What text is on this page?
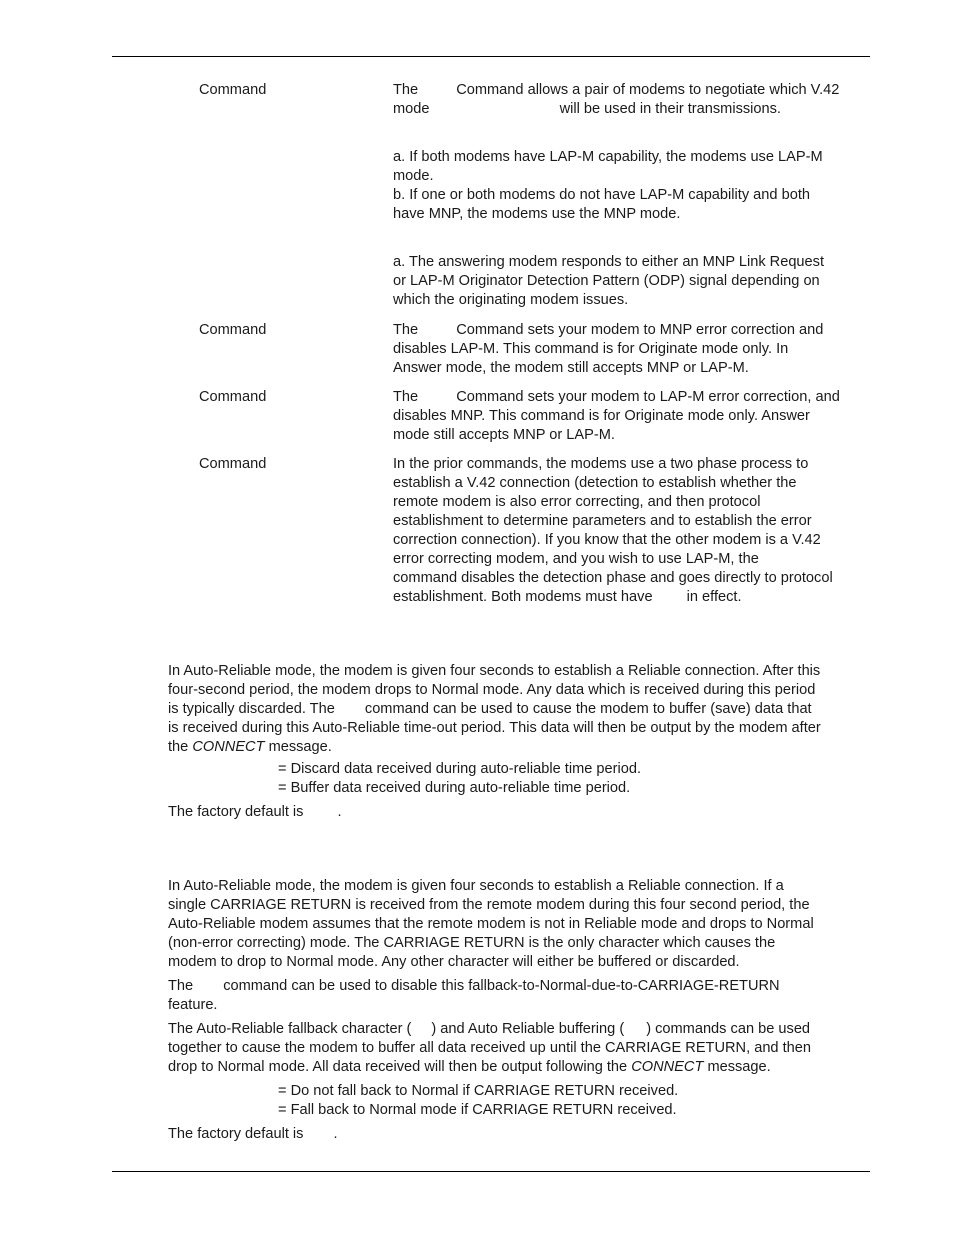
Command	The Command allows a pair of modems to negotiate which V.42
mode	will be used in their transmissions.
a. If both modems have LAP-M capability, the modems use LAP-M
mode.
b. If one or both modems do not have LAP-M capability and both
have MNP, the modems use the MNP mode.
a. The answering modem responds to either an MNP Link Request
or LAP-M Originator Detection Pattern (ODP) signal depending on
which the originating modem issues.

Command	The Command sets your modem to MNP error correction and
disables LAP-M. This command is for Originate mode only. In
Answer mode, the modem still accepts MNP or LAP-M.

Command	The Command sets your modem to LAP-M error correction, and
disables MNP. This command is for Originate mode only. Answer
mode still accepts MNP or LAP-M.

Command	In the prior commands, the modems use a two phase process to
establish a V.42 connection (detection to establish whether the
remote modem is also error correcting, and then protocol
establishment to determine parameters and to establish the error
correction connection). If you know that the other modem is a V.42
error correcting modem, and you wish to use LAP-M, the
command disables the detection phase and goes directly to protocol
establishment. Both modems must have in effect.
In Auto-Reliable mode, the modem is given four seconds to establish a Reliable connection. After this
four-second period, the modem drops to Normal mode. Any data which is received during this period
is typically discarded. The command can be used to cause the modem to buffer (save) data that
is received during this Auto-Reliable time-out period. This data will then be output by the modem after
the CONNECT message.
= Discard data received during auto-reliable time period.
= Buffer data received during auto-reliable time period.

The factory default is .

In Auto-Reliable mode, the modem is given four seconds to establish a Reliable connection. If a
single CARRIAGE RETURN is received from the remote modem during this four second period, the
Auto-Reliable modem assumes that the remote modem is not in Reliable mode and drops to Normal
(non-error correcting) mode. The CARRIAGE RETURN is the only character which causes the
modem to drop to Normal mode. Any other character will either be buffered or discarded.
The command can be used to disable this fallback-to-Normal-due-to-CARRIAGE-RETURN
feature.
The Auto-Reliable fallback character ( ) and Auto Reliable buffering ( ) commands can be used
together to cause the modem to buffer all data received up until the CARRIAGE RETURN, and then
drop to Normal mode. All data received will then be output following the CONNECT message.
= Do not fall back to Normal if CARRIAGE RETURN received.
= Fall back to Normal mode if CARRIAGE RETURN received.

The factory default is .
